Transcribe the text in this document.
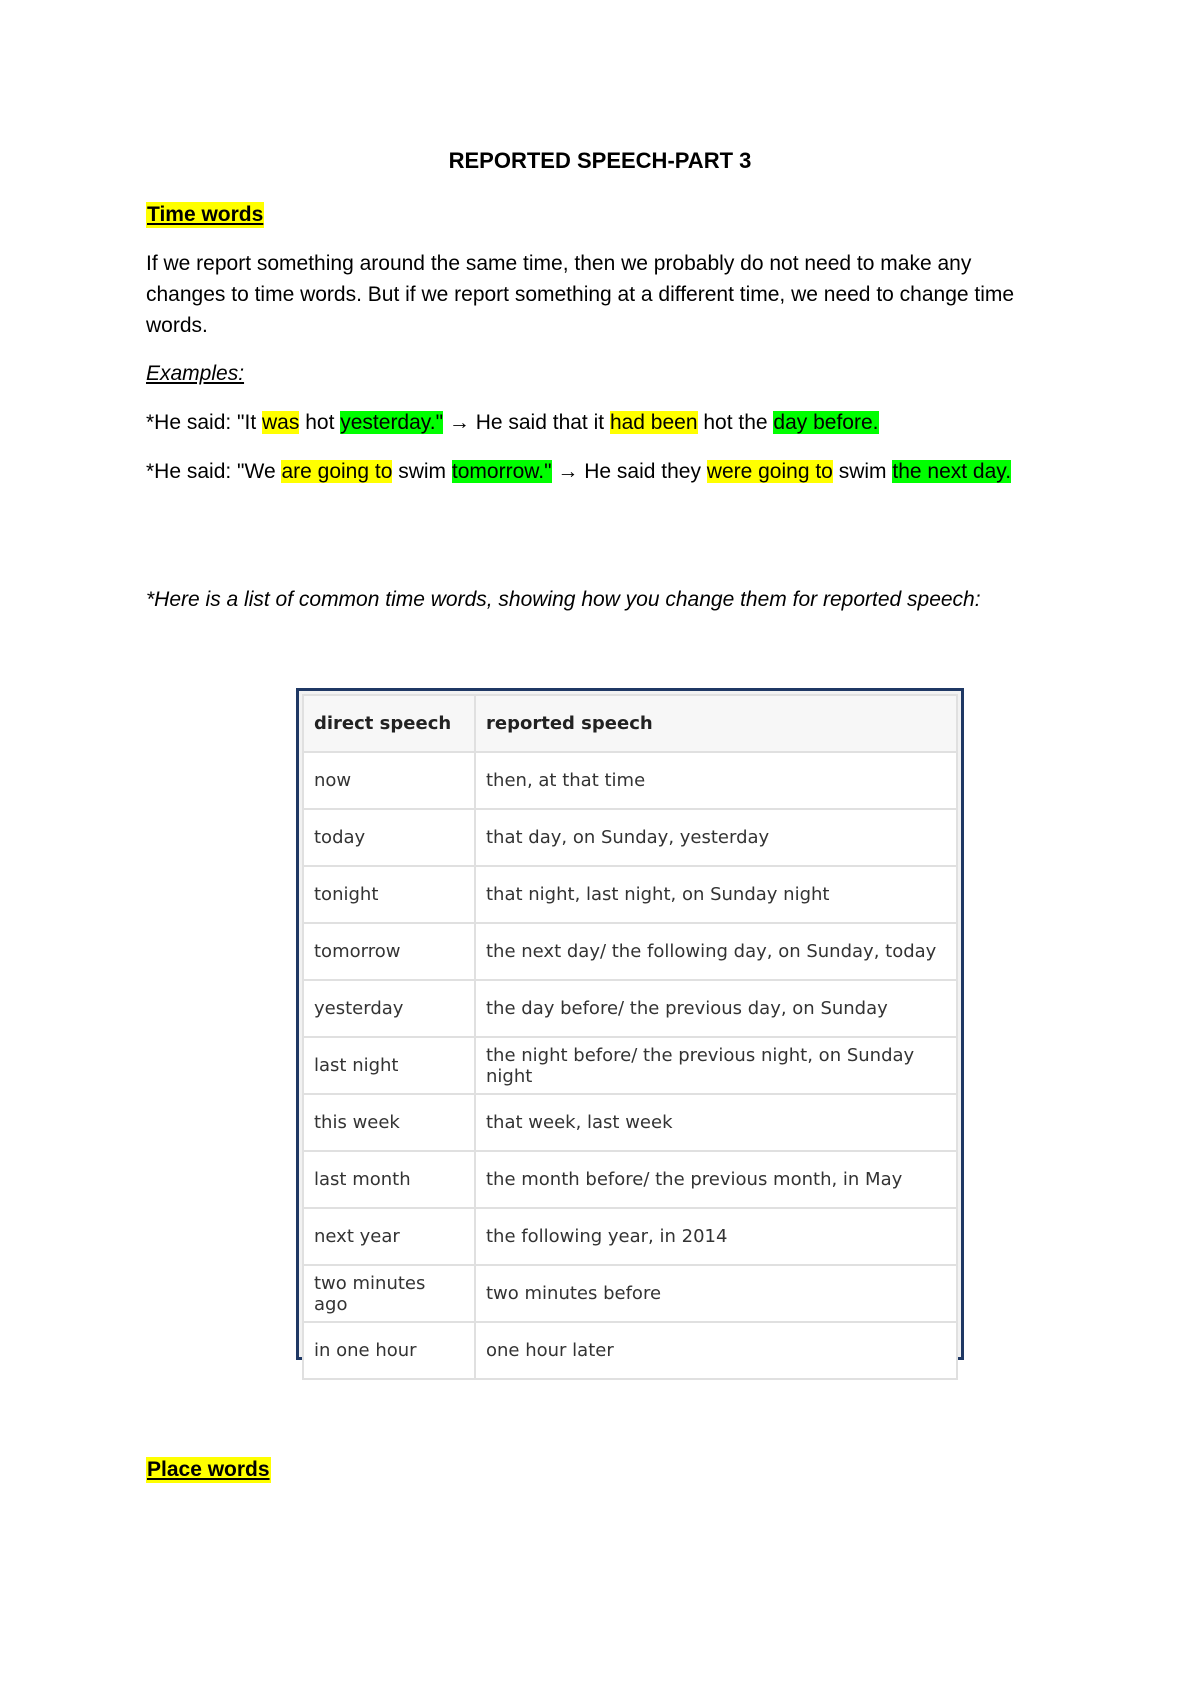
REPORTED SPEECH-PART 3
Time words
If we report something around the same time, then we probably do not need to make any changes to time words. But if we report something at a different time, we need to change time words.
Examples:
*He said: "It was hot yesterday." → He said that it had been hot the day before.
*He said: "We are going to swim tomorrow." → He said they were going to swim the next day.
*Here is a list of common time words, showing how you change them for reported speech:
direct speech	reported speech
now	then, at that time
today	that day, on Sunday, yesterday
tonight	that night, last night, on Sunday night
tomorrow	the next day/ the following day, on Sunday, today
yesterday	the day before/ the previous day, on Sunday
last night	the night before/ the previous night, on Sunday night
this week	that week, last week
last month	the month before/ the previous month, in May
next year	the following year, in 2014
two minutes ago	two minutes before
in one hour	one hour later
Place words
